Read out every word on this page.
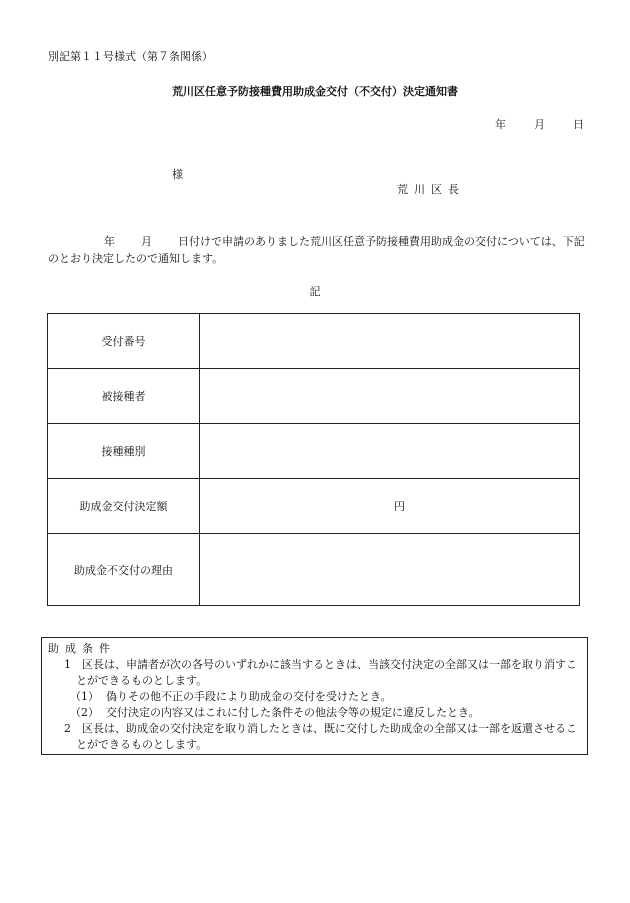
別記第１１号様式（第７条関係）
荒川区任意予防接種費用助成金交付（不交付）決定通知書
年	月	日
様
荒川区長
年 月 日付けで申請のありました荒川区任意予防接種費用助成金の交付については、下記
のとおり決定したので通知します。
記
受付番号	
被接種者	
接種種別	
助成金交付決定額	円
助成金不交付の理由	
助成条件
1　区長は、申請者が次の各号のいずれかに該当するときは、当該交付決定の全部又は一部を取り消すことができるものとします。
（1） 偽りその他不正の手段により助成金の交付を受けたとき。
（2） 交付決定の内容又はこれに付した条件その他法令等の規定に違反したとき。
2　区長は、助成金の交付決定を取り消したときは、既に交付した助成金の全部又は一部を返還させることができるものとします。
